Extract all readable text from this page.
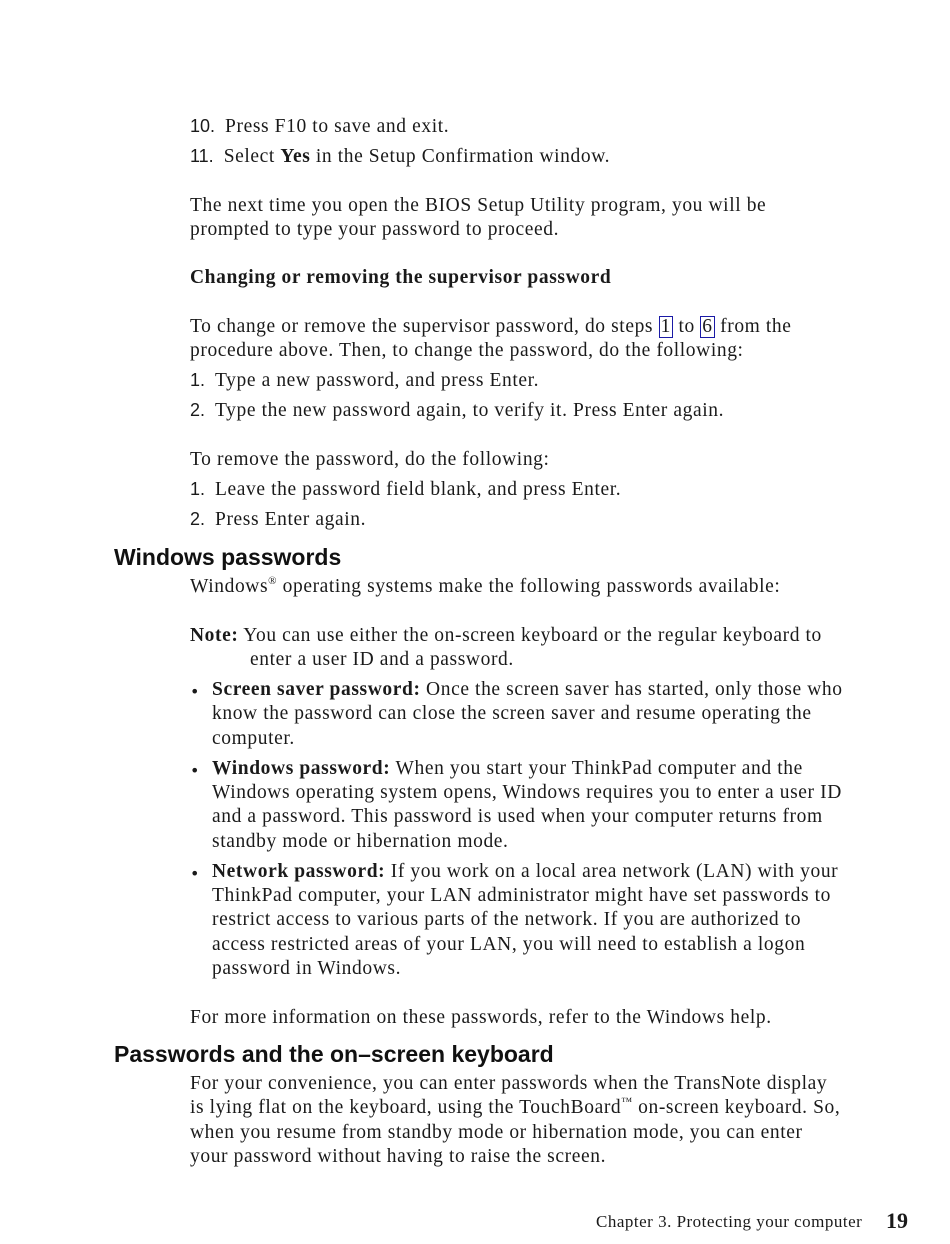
10. Press F10 to save and exit.
11. Select Yes in the Setup Confirmation window.
The next time you open the BIOS Setup Utility program, you will be
prompted to type your password to proceed.
Changing or removing the supervisor password
To change or remove the supervisor password, do steps 1 to 6 from the
procedure above. Then, to change the password, do the following:
1. Type a new password, and press Enter.
2. Type the new password again, to verify it. Press Enter again.
To remove the password, do the following:
1. Leave the password field blank, and press Enter.
2. Press Enter again.
Windows passwords
Windows® operating systems make the following passwords available:
Note: You can use either the on-screen keyboard or the regular keyboard to
enter a user ID and a password.
• Screen saver password: Once the screen saver has started, only those who
know the password can close the screen saver and resume operating the
computer.
• Windows password: When you start your ThinkPad computer and the
Windows operating system opens, Windows requires you to enter a user ID
and a password. This password is used when your computer returns from
standby mode or hibernation mode.
• Network password: If you work on a local area network (LAN) with your
ThinkPad computer, your LAN administrator might have set passwords to
restrict access to various parts of the network. If you are authorized to
access restricted areas of your LAN, you will need to establish a logon
password in Windows.
For more information on these passwords, refer to the Windows help.
Passwords and the on–screen keyboard
For your convenience, you can enter passwords when the TransNote display
is lying flat on the keyboard, using the TouchBoard™ on-screen keyboard. So,
when you resume from standby mode or hibernation mode, you can enter
your password without having to raise the screen.
Chapter 3. Protecting your computer 19
